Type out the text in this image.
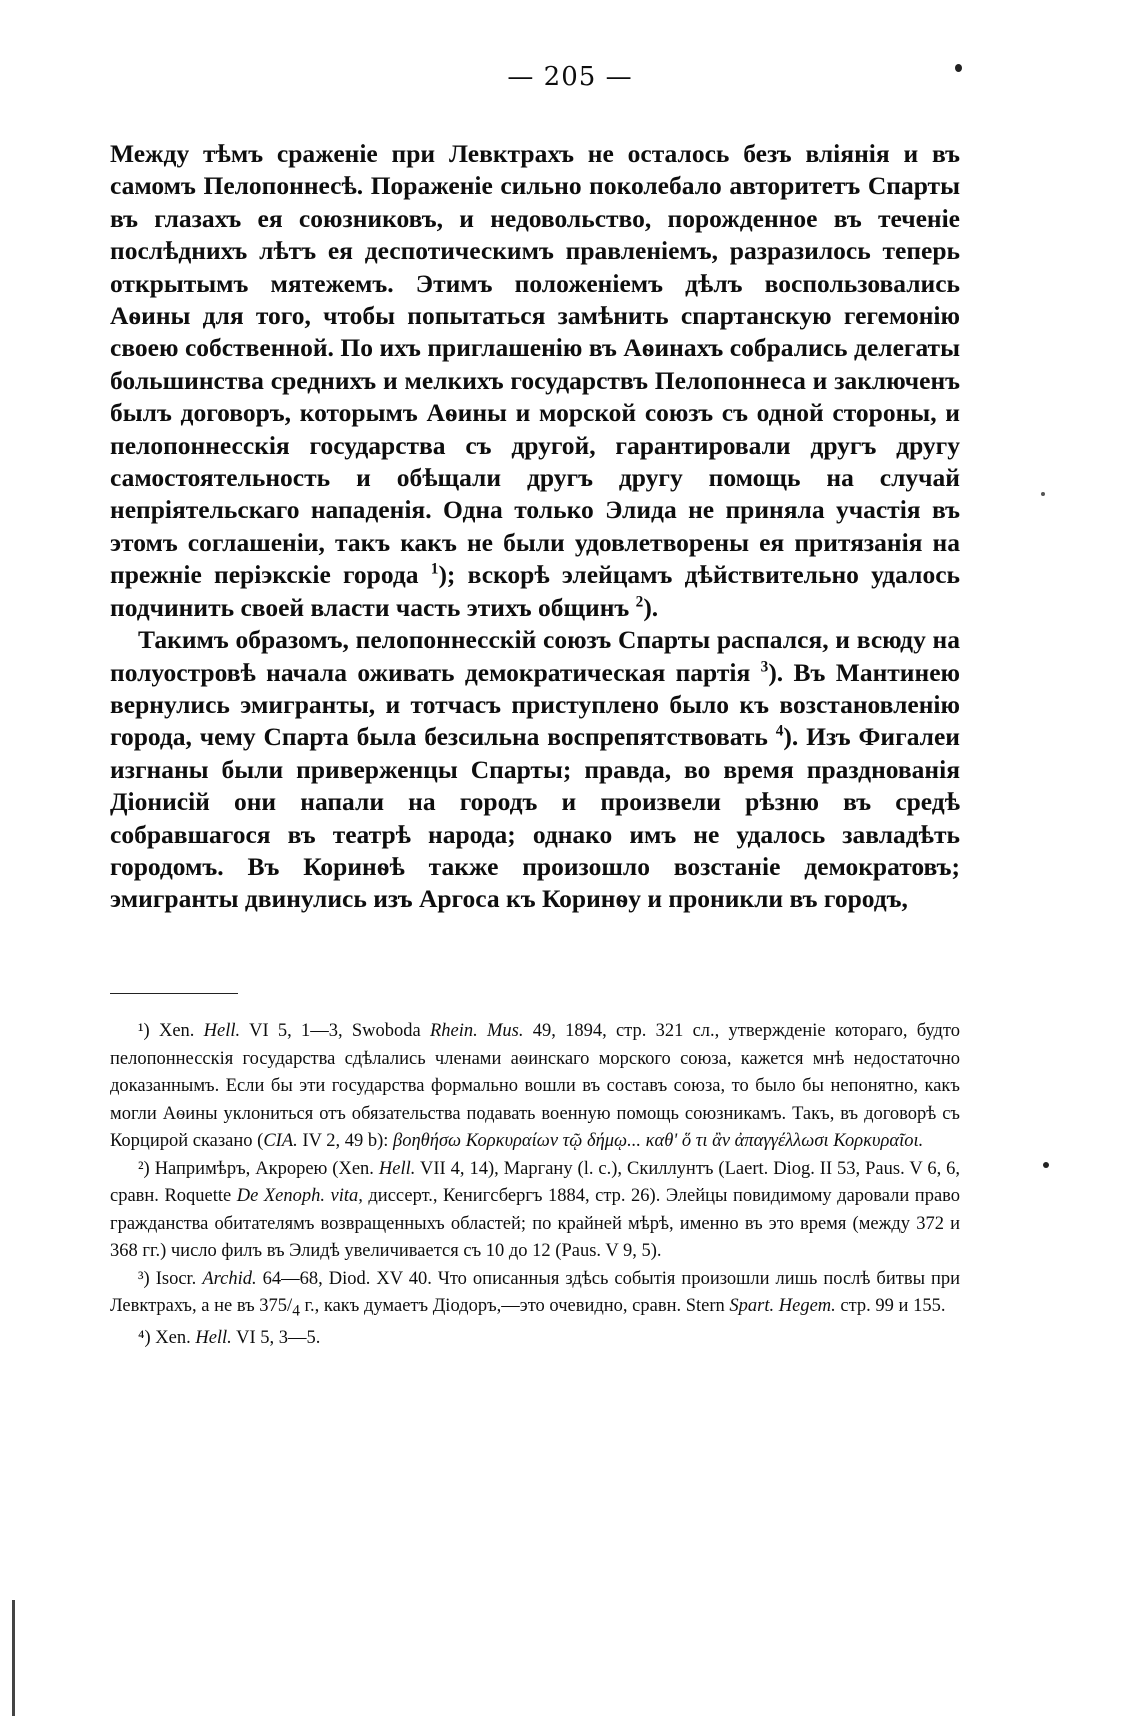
— 205 —

Между тѣмъ сраженіе при Левктрахъ не осталось безъ вліянія и въ самомъ Пелопоннесѣ. Пораженіе сильно поколебало авторитетъ Спарты въ глазахъ ея союзниковъ, и недовольство, порожденное въ теченіе послѣднихъ лѣтъ ея деспотическимъ правленіемъ, разразилось теперь открытымъ мятежемъ. Этимъ положеніемъ дѣлъ воспользовались Аѳины для того, чтобы попытаться замѣнить спартанскую гегемонію своею собственной. По ихъ приглашенію въ Аѳинахъ собрались делегаты большинства среднихъ и мелкихъ государствъ Пелопоннеса и заключенъ былъ договоръ, которымъ Аѳины и морской союзъ съ одной стороны, и пелопоннесскія государства съ другой, гарантировали другъ другу самостоятельность и обѣщали другъ другу помощь на случай непріятельскаго нападенія. Одна только Элида не приняла участія въ этомъ соглашеніи, такъ какъ не были удовлетворены ея притязанія на прежніе періэкскіе города $^1$); вскорѣ элейцамъ дѣйствительно удалось подчинить своей власти часть этихъ общинъ $^2$).

Такимъ образомъ, пелопоннесскій союзъ Спарты распался, и всюду на полуостровѣ начала оживать демократическая партія $^3$). Въ Мантинею вернулись эмигранты, и тотчасъ приступлено было къ возстановленію города, чему Спарта была безсильна воспрепятствовать $^4$). Изъ Фигалеи изгнаны были приверженцы Спарты; правда, во время празднованія Діонисій они напали на городъ и произвели рѣзню въ средѣ собравшагося въ театрѣ народа; однако имъ не удалось завладѣть городомъ. Въ Коринѳѣ также произошло возстаніе демократовъ; эмигранты двинулись изъ Аргоса къ Коринѳу и проникли въ городъ,

¹) Xen. Hell. VI 5, 1—3, Swoboda Rhein. Mus. 49, 1894, стр. 321 сл., утвержденіе котораго, будто пелопоннесскія государства сдѣлались членами аѳинскаго морского союза, кажется мнѣ недостаточно доказаннымъ. Если бы эти государства формально вошли въ составъ союза, то было бы непонятно, какъ могли Аѳины уклониться отъ обязательства подавать военную помощь союзникамъ. Такъ, въ договорѣ съ Корцирой сказано (CIA. IV 2, 49 b): βοηθήσω Κορκυραίων τῷ δήμῳ... καθ' ὅ τι ἂν ἀπαγγέλλωσι Κορκυραῖοι.

²) Напримѣръ, Акрорею (Xen. Hell. VII 4, 14), Маргану (l. c.), Скиллунтъ (Laert. Diog. II 53, Paus. V 6, 6, сравн. Roquette De Xenoph. vita, диссерт., Кенигсбергъ 1884, стр. 26). Элейцы повидимому даровали право гражданства обитателямъ возвращенныхъ областей; по крайней мѣрѣ, именно въ это время (между 372 и 368 гг.) число филъ въ Элидѣ увеличивается съ 10 до 12 (Paus. V 9, 5).

³) Isocr. Archid. 64—68, Diod. XV 40. Что описанныя здѣсь событія произошли лишь послѣ битвы при Левктрахъ, а не въ $375/_4$ г., какъ думаетъ Діодоръ,—это очевидно, сравн. Stern Spart. Hegem. стр. 99 и 155.

⁴) Xen. Hell. VI 5, 3—5.
